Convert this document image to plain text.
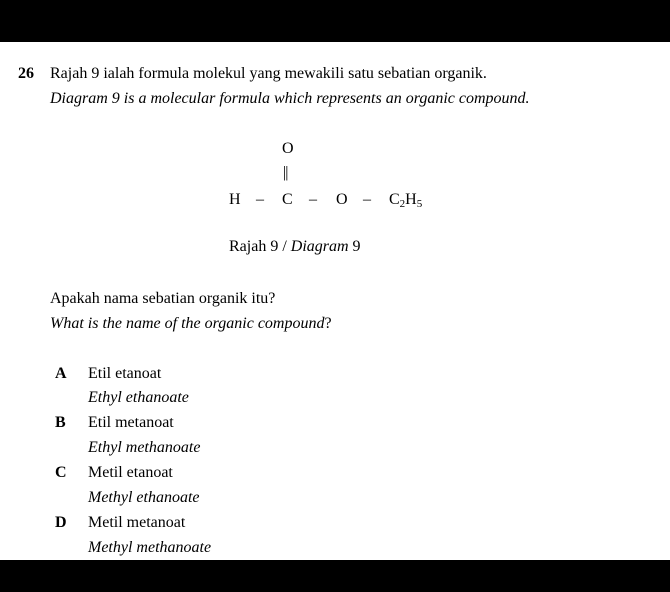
26 Rajah 9 ialah formula molekul yang mewakili satu sebatian organik.
Diagram 9 is a molecular formula which represents an organic compound.
O
||
H – C – O – $C_2H_5$
Rajah 9 / Diagram 9
Apakah nama sebatian organik itu?
What is the name of the organic compound?
A Etil etanoat
Ethyl ethanoate
B Etil metanoat
Ethyl methanoate
C Metil etanoat
Methyl ethanoate
D Metil metanoat
Methyl methanoate
